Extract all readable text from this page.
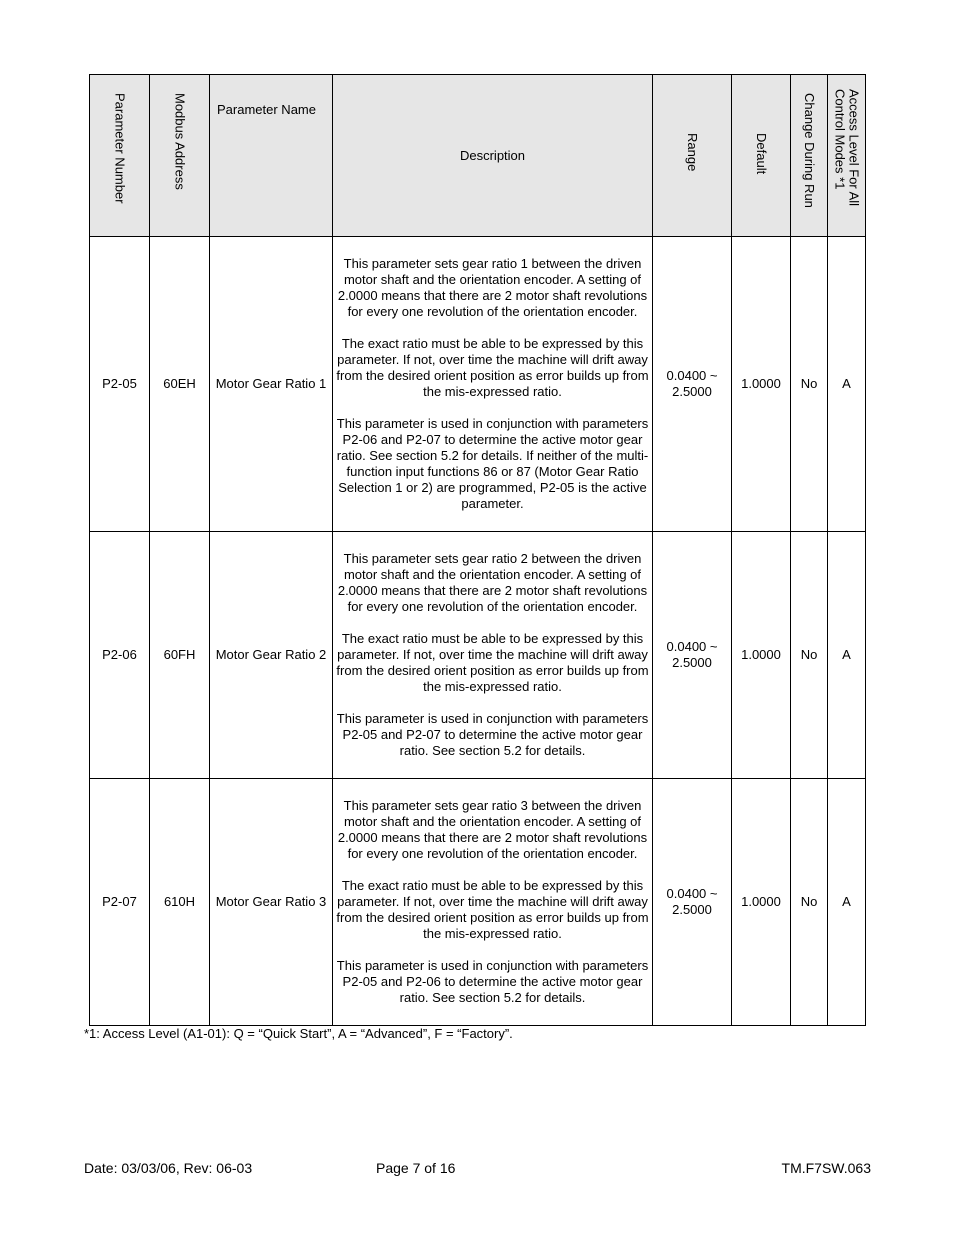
Parameter Number	Modbus Address	Parameter Name	Description	Range	Default	Change During Run	Access Level For All
Control Modes *1

P2-05	60EH	Motor Gear Ratio 1	This parameter sets gear ratio 1 between the driven motor shaft and the orientation encoder. A setting of 2.0000 means that there are 2 motor shaft revolutions for every one revolution of the orientation encoder.

The exact ratio must be able to be expressed by this parameter. If not, over time the machine will drift away from the desired orient position as error builds up from the mis-expressed ratio.

This parameter is used in conjunction with parameters P2-06 and P2-07 to determine the active motor gear ratio. See section 5.2 for details. If neither of the multi-function input functions 86 or 87 (Motor Gear Ratio Selection 1 or 2) are programmed, P2-05 is the active parameter.	0.0400 ~ 2.5000	1.0000	No	A
P2-06	60FH	Motor Gear Ratio 2	This parameter sets gear ratio 2 between the driven motor shaft and the orientation encoder. A setting of 2.0000 means that there are 2 motor shaft revolutions for every one revolution of the orientation encoder.

The exact ratio must be able to be expressed by this parameter. If not, over time the machine will drift away from the desired orient position as error builds up from the mis-expressed ratio.

This parameter is used in conjunction with parameters P2-05 and P2-07 to determine the active motor gear ratio. See section 5.2 for details.	0.0400 ~ 2.5000	1.0000	No	A
P2-07	610H	Motor Gear Ratio 3	This parameter sets gear ratio 3 between the driven motor shaft and the orientation encoder. A setting of 2.0000 means that there are 2 motor shaft revolutions for every one revolution of the orientation encoder.

The exact ratio must be able to be expressed by this parameter. If not, over time the machine will drift away from the desired orient position as error builds up from the mis-expressed ratio.

This parameter is used in conjunction with parameters P2-05 and P2-06 to determine the active motor gear ratio. See section 5.2 for details.	0.0400 ~ 2.5000	1.0000	No	A
*1: Access Level (A1-01): Q = “Quick Start”, A = “Advanced”, F = “Factory”.
Date: 03/03/06, Rev: 06-03	Page 7 of 16	TM.F7SW.063
